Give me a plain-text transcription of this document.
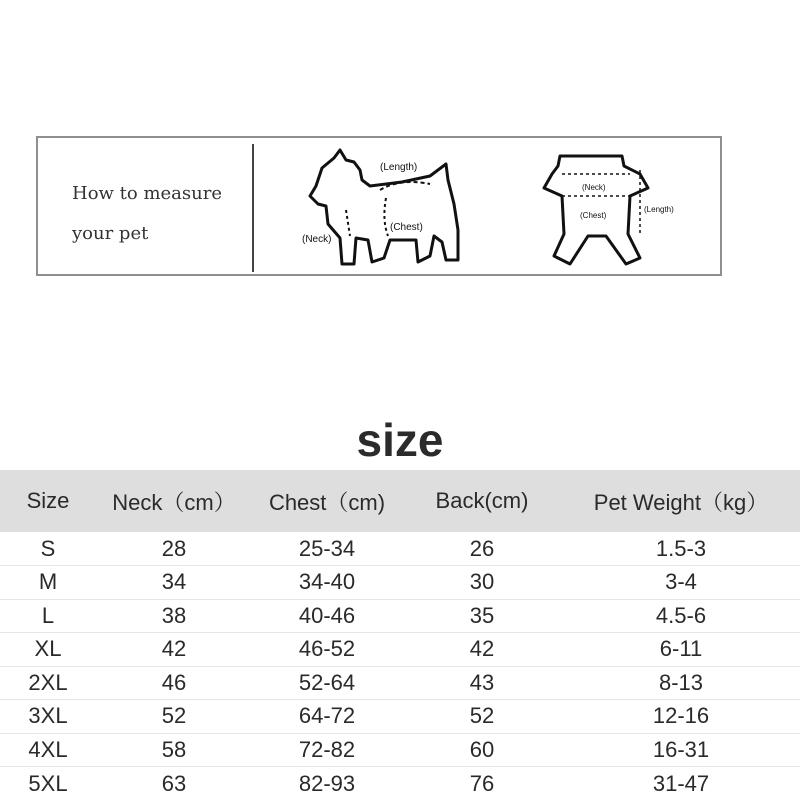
How to measure
your pet
(Length)
(Neck)
(Chest)
(Neck)
(Chest)
(Length)
size
Size	Neck（cm）	Chest（cm)	Back(cm)	Pet Weight（kg）
S	28	25-34	26	1.5-3
M	34	34-40	30	3-4
L	38	40-46	35	4.5-6
XL	42	46-52	42	6-11
2XL	46	52-64	43	8-13
3XL	52	64-72	52	12-16
4XL	58	72-82	60	16-31
5XL	63	82-93	76	31-47
